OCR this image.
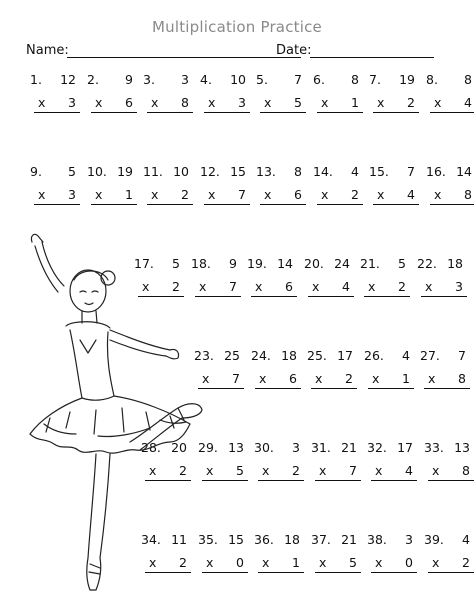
Multiplication Practice
Name:	Date:
1. 12
x 3
2. 9
x 6
3. 3
x 8
4. 10
x 3
5. 7
x 5
6. 8
x 1
7. 19
x 2
8. 8
x 4
9. 5
x 3
10. 19
x 1
11. 10
x 2
12. 15
x 7
13. 8
x 6
14. 4
x 2
15. 7
x 4
16. 14
x 8
17. 5
x 2
18. 9
x 7
19. 14
x 6
20. 24
x 4
21. 5
x 2
22. 18
x 3
23. 25
x 7
24. 18
x 6
25. 17
x 2
26. 4
x 1
27. 7
x 8
28. 20
x 2
29. 13
x 5
30. 3
x 2
31. 21
x 7
32. 17
x 4
33. 13
x 8
34. 11
x 2
35. 15
x 0
36. 18
x 1
37. 21
x 5
38. 3
x 0
39. 4
x 2
